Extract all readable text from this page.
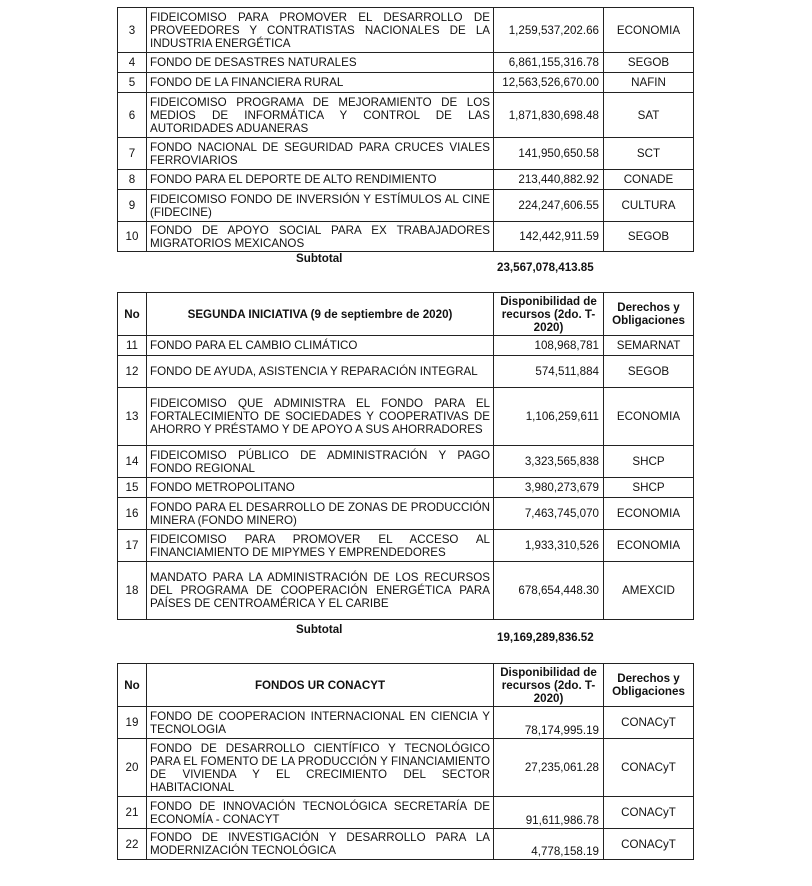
3	FIDEICOMISO PARA PROMOVER EL DESARROLLO DE PROVEEDORES Y CONTRATISTAS NACIONALES DE LA INDUSTRIA ENERGÉTICA	1,259,537,202.66	ECONOMIA
4	FONDO DE DESASTRES NATURALES	6,861,155,316.78	SEGOB
5	FONDO DE LA FINANCIERA RURAL	12,563,526,670.00	NAFIN
6	FIDEICOMISO PROGRAMA DE MEJORAMIENTO DE LOS MEDIOS DE INFORMÁTICA Y CONTROL DE LAS AUTORIDADES ADUANERAS	1,871,830,698.48	SAT
7	FONDO NACIONAL DE SEGURIDAD PARA CRUCES VIALES FERROVIARIOS	141,950,650.58	SCT
8	FONDO PARA EL DEPORTE DE ALTO RENDIMIENTO	213,440,882.92	CONADE
9	FIDEICOMISO FONDO DE INVERSIÓN Y ESTÍMULOS AL CINE (FIDECINE)	224,247,606.55	CULTURA
10	FONDO DE APOYO SOCIAL PARA EX TRABAJADORES MIGRATORIOS MEXICANOS	142,442,911.59	SEGOB
Subtotal
23,567,078,413.85
No	SEGUNDA INICIATIVA (9 de septiembre de 2020)	Disponibilidad de recursos (2do. T-2020)	Derechos y Obligaciones
11	FONDO PARA EL CAMBIO CLIMÁTICO	108,968,781	SEMARNAT
12	FONDO DE AYUDA, ASISTENCIA Y REPARACIÓN INTEGRAL	574,511,884	SEGOB
13	FIDEICOMISO QUE ADMINISTRA EL FONDO PARA EL FORTALECIMIENTO DE SOCIEDADES Y COOPERATIVAS DE AHORRO Y PRÉSTAMO Y DE APOYO A SUS AHORRADORES	1,106,259,611	ECONOMIA
14	FIDEICOMISO PÚBLICO DE ADMINISTRACIÓN Y PAGO FONDO REGIONAL	3,323,565,838	SHCP
15	FONDO METROPOLITANO	3,980,273,679	SHCP
16	FONDO PARA EL DESARROLLO DE ZONAS DE PRODUCCIÓN MINERA (FONDO MINERO)	7,463,745,070	ECONOMIA
17	FIDEICOMISO PARA PROMOVER EL ACCESO AL FINANCIAMIENTO DE MIPYMES Y EMPRENDEDORES	1,933,310,526	ECONOMIA
18	MANDATO PARA LA ADMINISTRACIÓN DE LOS RECURSOS DEL PROGRAMA DE COOPERACIÓN ENERGÉTICA PARA PAÍSES DE CENTROAMÉRICA Y EL CARIBE	678,654,448.30	AMEXCID
Subtotal
19,169,289,836.52
No	FONDOS UR CONACYT	Disponibilidad de recursos (2do. T-2020)	Derechos y Obligaciones
19	FONDO DE COOPERACION INTERNACIONAL EN CIENCIA Y TECNOLOGIA	78,174,995.19	CONACyT
20	FONDO DE DESARROLLO CIENTÍFICO Y TECNOLÓGICO PARA EL FOMENTO DE LA PRODUCCIÓN Y FINANCIAMIENTO DE VIVIENDA Y EL CRECIMIENTO DEL SECTOR HABITACIONAL	27,235,061.28	CONACyT
21	FONDO DE INNOVACIÓN TECNOLÓGICA SECRETARÍA DE ECONOMÍA - CONACYT	91,611,986.78	CONACyT
22	FONDO DE INVESTIGACIÓN Y DESARROLLO PARA LA MODERNIZACIÓN TECNOLÓGICA	4,778,158.19	CONACyT
